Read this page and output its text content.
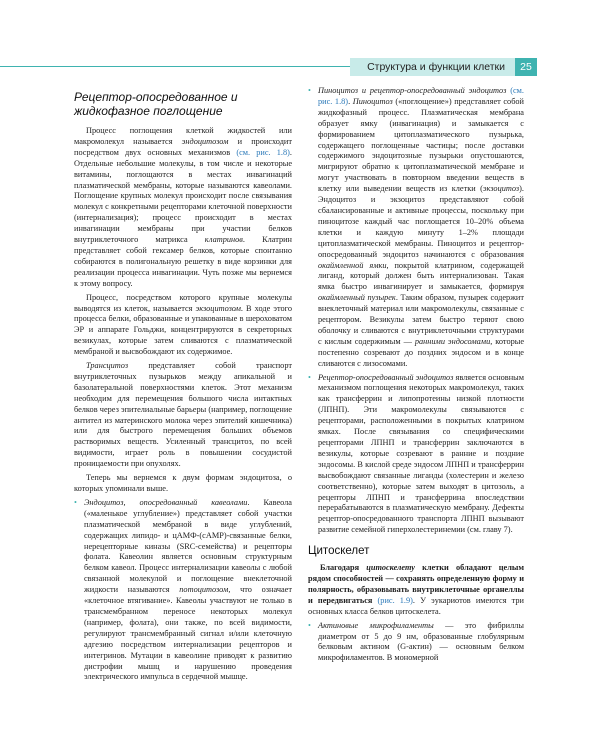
Структура и функции клетки	25
Рецептор-опосредованное и жидкофазное поглощение

Процесс поглощения клеткой жидкостей или макромолекул называется эндоцитозом и происходит посредством двух основных механизмов (см. рис. 1.8). Отдельные небольшие молекулы, в том числе и некоторые витамины, поглощаются в местах инвагинаций плазматической мембраны, которые называются кавеолами. Поглощение крупных молекул происходит после связывания молекул с конкретными рецепторами клеточной поверхности (интернализация); процесс происходит в местах инвагинации мембраны при участии белков внутриклеточного матрикса клатринов. Клатрин представляет собой гексамер белков, которые спонтанно собираются в полигональную решетку в виде корзинки для реализации процесса инвагинации. Чуть позже мы вернемся к этому вопросу.

Процесс, посредством которого крупные молекулы выводятся из клеток, называется экзоцитозом. В ходе этого процесса белки, образованные и упакованные в шероховатом ЭР и аппарате Гольджи, концентрируются в секреторных везикулах, которые затем сливаются с плазматической мембраной и высвобождают их содержимое.

Трансцитоз представляет собой транспорт внутриклеточных пузырьков между апикальной и базолатеральной поверхностями клеток. Этот механизм необходим для перемещения большого числа интактных белков через эпителиальные барьеры (например, поглощение антител из материнского молока через эпителий кишечника) или для быстрого перемещения больших объемов растворимых веществ. Усиленный трансцитоз, по всей видимости, играет роль в повышении сосудистой проницаемости при опухолях.

Теперь мы вернемся к двум формам эндоцитоза, о которых упоминали выше.

• Эндоцитоз, опосредованный кавеолами. Кавеола («маленькое углубление») представляет собой участки плазматической мембраной в виде углублений, содержащих липидо- и цАМФ-(cAMP)-связанные белки, нерецепторные киназы (SRC-семейства) и рецепторы фолата. Кавеолин является основным структурным белком кавеол. Процесс интернализации кавеолы с любой связанной молекулой и поглощение внеклеточной жидкости называются потоцитозом, что означает «клеточное втягивание». Кавеолы участвуют не только в трансмембранном переносе некоторых молекул (например, фолата), они также, по всей видимости, регулируют трансмембранный сигнал и/или клеточную адгезию посредством интернализации рецепторов и интегринов. Мутации в кавеолине приводят к развитию дистрофии мышц и нарушению проведения электрического импульса в сердечной мышце.
• Пиноцитоз и рецептор-опосредованный эндоцитоз (см. рис. 1.8). Пиноцитоз («поглощение») представляет собой жидкофазный процесс. Плазматическая мембрана образует ямку (инвагинация) и замыкается с формированием цитоплазматического пузырька, содержащего поглощенные частицы; после доставки содержимого эндоцитозные пузырьки опустошаются, мигрируют обратно к цитоплазматической мембране и могут участвовать в повторном введении веществ в клетку или выведении веществ из клетки (экзоцитоз). Эндоцитоз и экзоцитоз представляют собой сбалансированные и активные процессы, поскольку при пиноцитозе каждый час поглощается 10–20% объема клетки и каждую минуту 1–2% площади цитоплазматической мембраны. Пиноцитоз и рецептор-опосредованный эндоцитоз начинаются с образования окаймленной ямки, покрытой клатрином, содержащей лиганд, который должен быть интернализован. Такая ямка быстро инвагинирует и замыкается, формируя окаймленный пузырек. Таким образом, пузырек содержит внеклеточный материал или макромолекулы, связанные с рецептором. Везикулы затем быстро теряют свою оболочку и сливаются с внутриклеточными структурами с кислым содержимым — ранними эндосомами, которые постепенно созревают до поздних эндосом и в конце сливаются с лизосомами.
• Рецептор-опосредованный эндоцитоз является основным механизмом поглощения некоторых макромолекул, таких как трансферрин и липопротеины низкой плотности (ЛПНП). Эти макромолекулы связываются с рецепторами, расположенными в покрытых клатрином ямках. После связывания со специфическими рецепторами ЛПНП и трансферрин заключаются в везикулы, которые созревают в ранние и поздние эндосомы. В кислой среде эндосом ЛПНП и трансферрин высвобождают связанные лиганды (холестерин и железо соответственно), которые затем выходят в цитозоль, а рецепторы ЛПНП и трансферрина впоследствии перерабатываются в плазматическую мембрану. Дефекты рецептор-опосредованного транспорта ЛПНП вызывают развитие семейной гиперхолестеринемии (см. главу 7).
Цитоскелет

Благодаря цитоскелету клетки обладают целым рядом способностей — сохранять определенную форму и полярность, образовывать внутриклеточные органеллы и передвигаться (рис. 1.9). У эукариотов имеются три основных класса белков цитоскелета.

• Актиновые микрофиламенты — это фибриллы диаметром от 5 до 9 нм, образованные глобулярным белковым актином (G-актин) — основным белком микрофиламентов. В мономерной
